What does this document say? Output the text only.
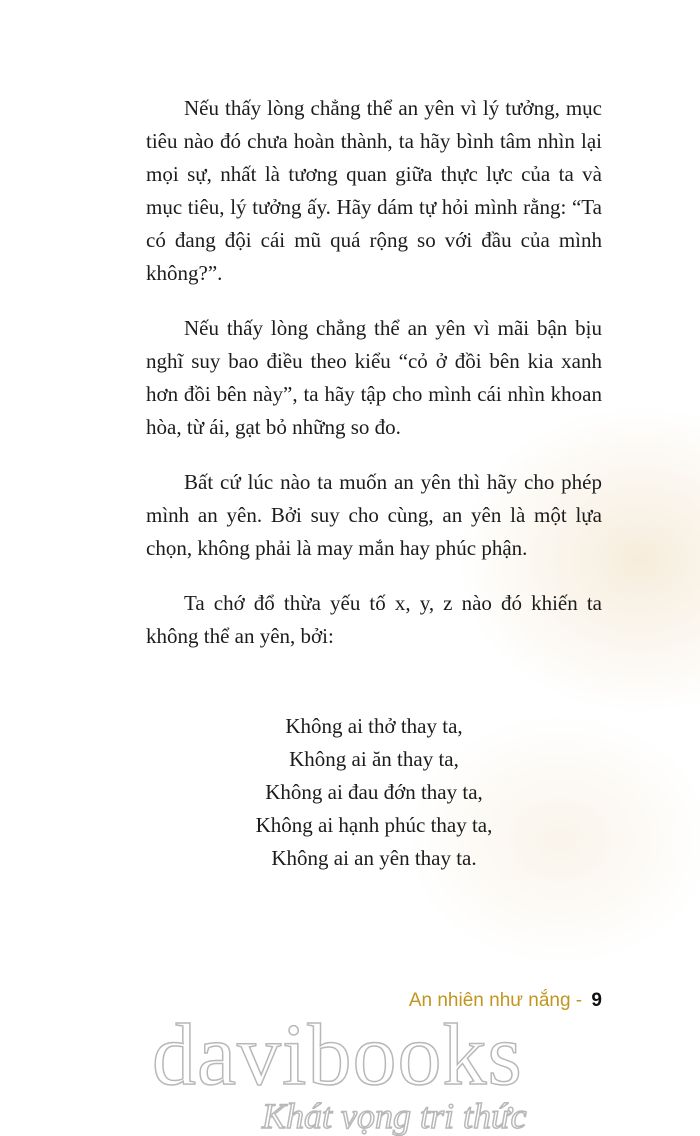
Nếu thấy lòng chẳng thể an yên vì lý tưởng, mục tiêu nào đó chưa hoàn thành, ta hãy bình tâm nhìn lại mọi sự, nhất là tương quan giữa thực lực của ta và mục tiêu, lý tưởng ấy. Hãy dám tự hỏi mình rằng: “Ta có đang đội cái mũ quá rộng so với đầu của mình không?”.

Nếu thấy lòng chẳng thể an yên vì mãi bận bịu nghĩ suy bao điều theo kiểu “cỏ ở đồi bên kia xanh hơn đồi bên này”, ta hãy tập cho mình cái nhìn khoan hòa, từ ái, gạt bỏ những so đo.

Bất cứ lúc nào ta muốn an yên thì hãy cho phép mình an yên. Bởi suy cho cùng, an yên là một lựa chọn, không phải là may mắn hay phúc phận.

Ta chớ đổ thừa yếu tố x, y, z nào đó khiến ta không thể an yên, bởi:

Không ai thở thay ta,
Không ai ăn thay ta,
Không ai đau đớn thay ta,
Không ai hạnh phúc thay ta,
Không ai an yên thay ta.
An nhiên như nắng - 9
davibooks
Khát vọng tri thức
